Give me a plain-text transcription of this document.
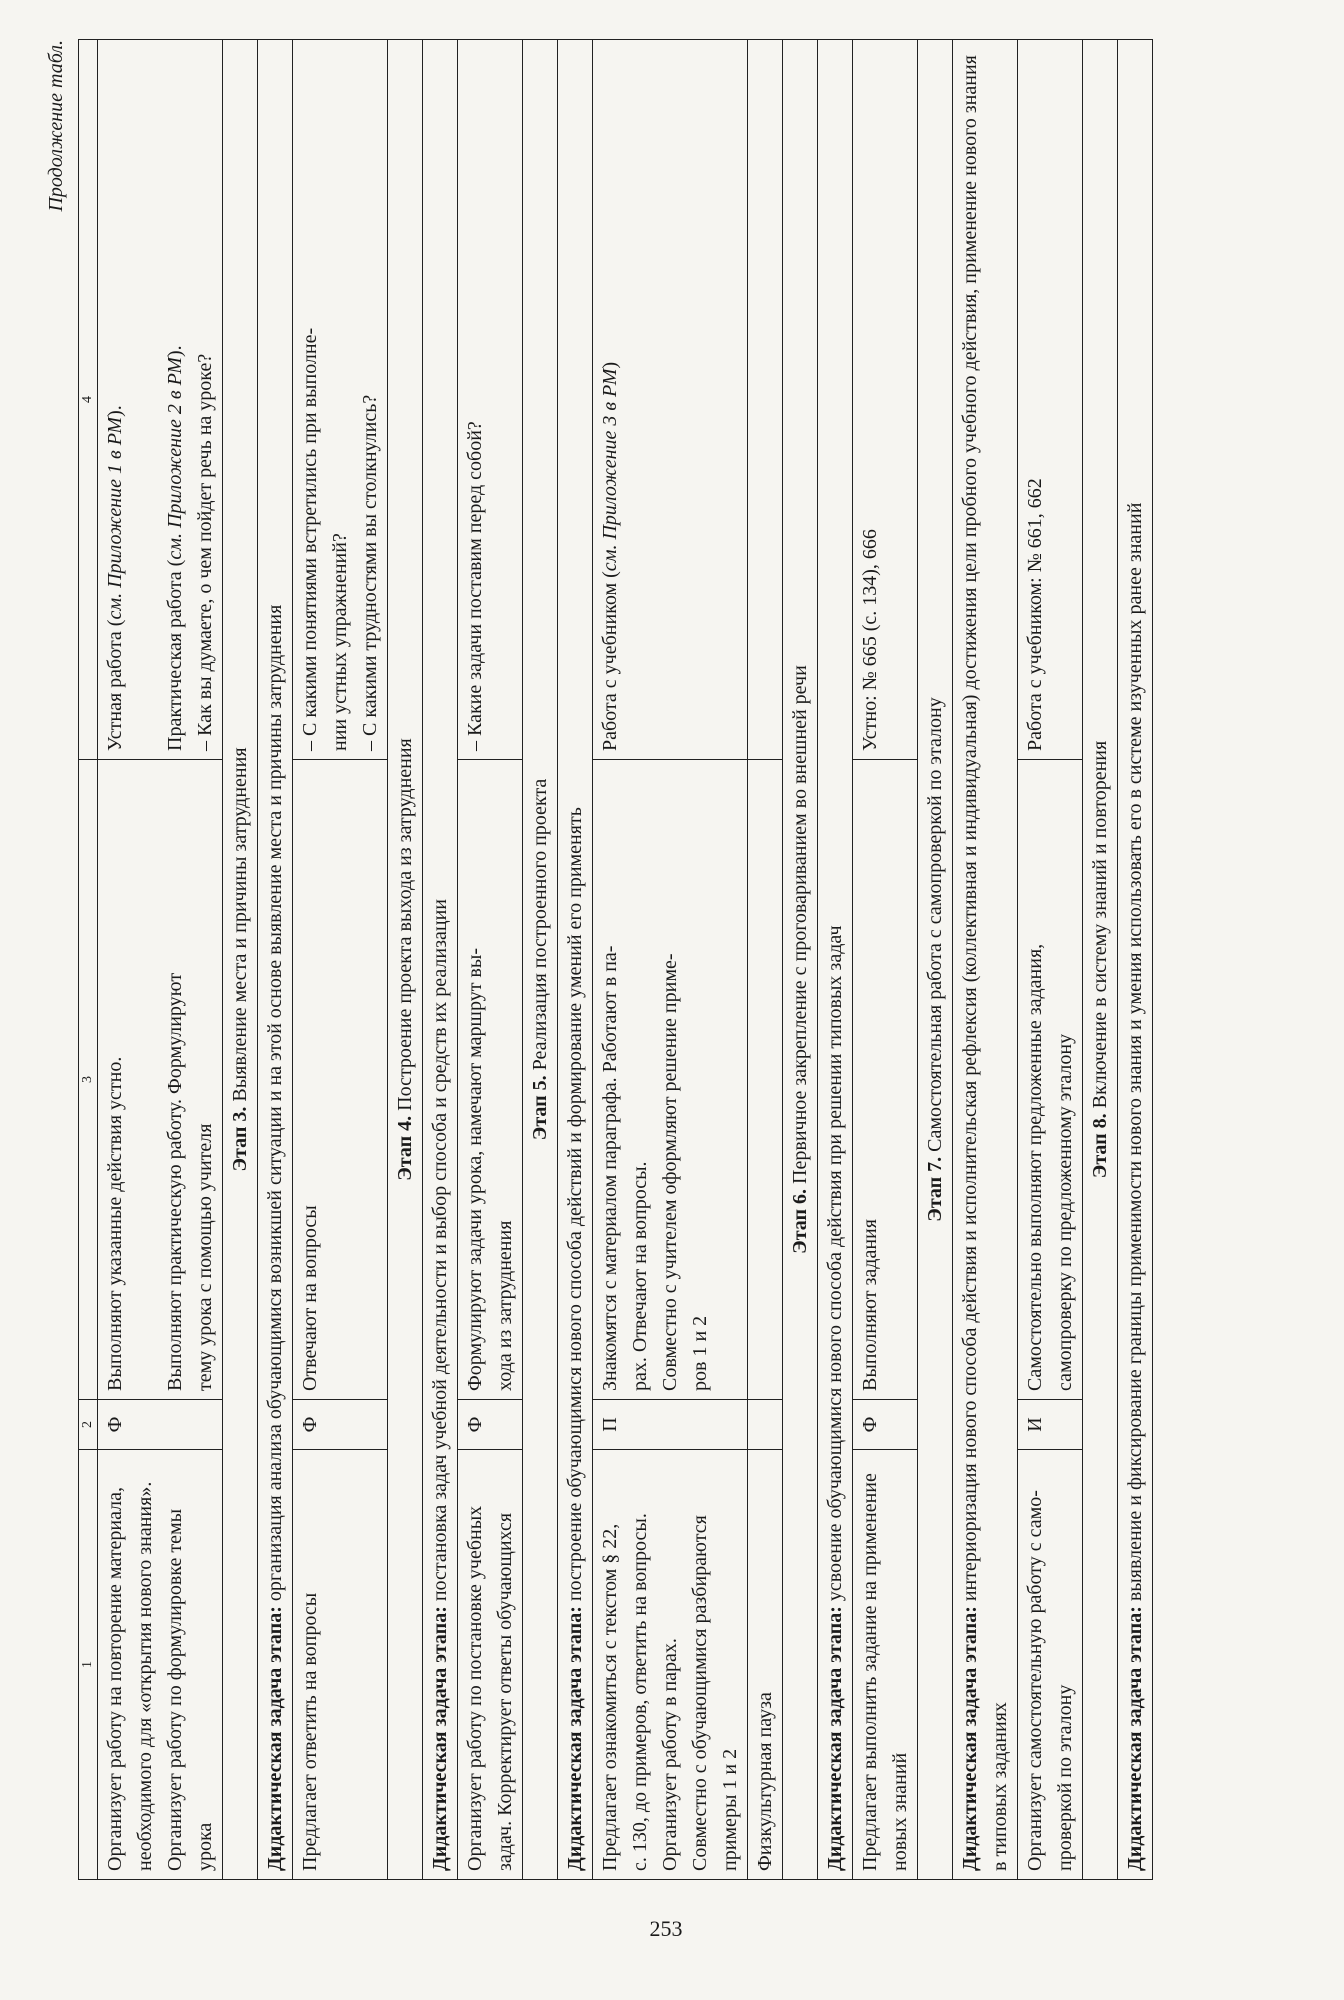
253

Продолжение табл.

1	2	3	4

Организует работу на повторение материала, необходимого для «открытия нового знания». Организует работу по формулировке темы урока	Ф	Выполняют указанные действия устно. Выполняют практическую работу. Формулируют тему урока с помощью учителя	Устная работа (см. Приложение 1 в РМ).
Практическая работа (см. Приложение 2 в РМ).
– Как вы думаете, о чем пойдет речь на уроке?

Этап 3. Выявление места и причины затруднения			
Дидактическая задача этапа: организация анализа обучающимися возникшей ситуации и на этой основе выявление места и причины затруднения			
Предлагает ответить на вопросы	Ф	Отвечают на вопросы	– С какими понятиями встретились при выполне- нии устных упражнений? – С какими трудностями вы столкнулись?

Этап 4. Построение проекта выхода из затруднения			
Дидактическая задача этапа: постановка задач учебной деятельности и выбор способа и средств их реализации			

Организует работу по постановке учебных задач. Корректирует ответы обучающихся	Ф	Формулируют задачи урока, намечают маршрут вы- хода из затруднения	– Какие задачи поставим перед собой?
Этап 5. Реализация построенного проекта			
Дидактическая задача этапа: построение обучающимися нового способа действий и формирование умений его применять			

Предлагает ознакомиться с текстом § 22, с. 130, до примеров, ответить на вопросы. Организует работу в парах. Совместно с обучающимися разбираются примеры 1 и 2	П	Знакомятся с материалом параграфа. Работают в па- рах. Отвечают на вопросы. Совместно с учителем оформляют решение приме- ров 1 и 2	Работа с учебником (см. Приложение 3 в РМ)
Физкультурная пауза			
Этап 6. Первичное закрепление с проговариванием во внешней речи			
Дидактическая задача этапа: усвоение обучающимися нового способа действия при решении типовых задач			

Предлагает выполнить задание на применение новых знаний	Ф	Выполняют задания	Устно: № 665 (с. 134), 666
Этап 7. Самостоятельная работа с самопроверкой по эталону			
Дидактическая задача этапа: интериоризация нового способа действия и исполнительская рефлексия (коллективная и индивидуальная) достижения цели пробного учебного действия, применение нового знания в типовых заданиях			

Организует самостоятельную работу с само- проверкой по эталону	И	Самостоятельно выполняют предложенные задания, самопроверку по предложенному эталону	Работа с учебником: № 661, 662
Этап 8. Включение в систему знаний и повторения			
Дидактическая задача этапа: выявление и фиксирование границы применимости нового знания и умения использовать его в системе изученных ранее знаний			
